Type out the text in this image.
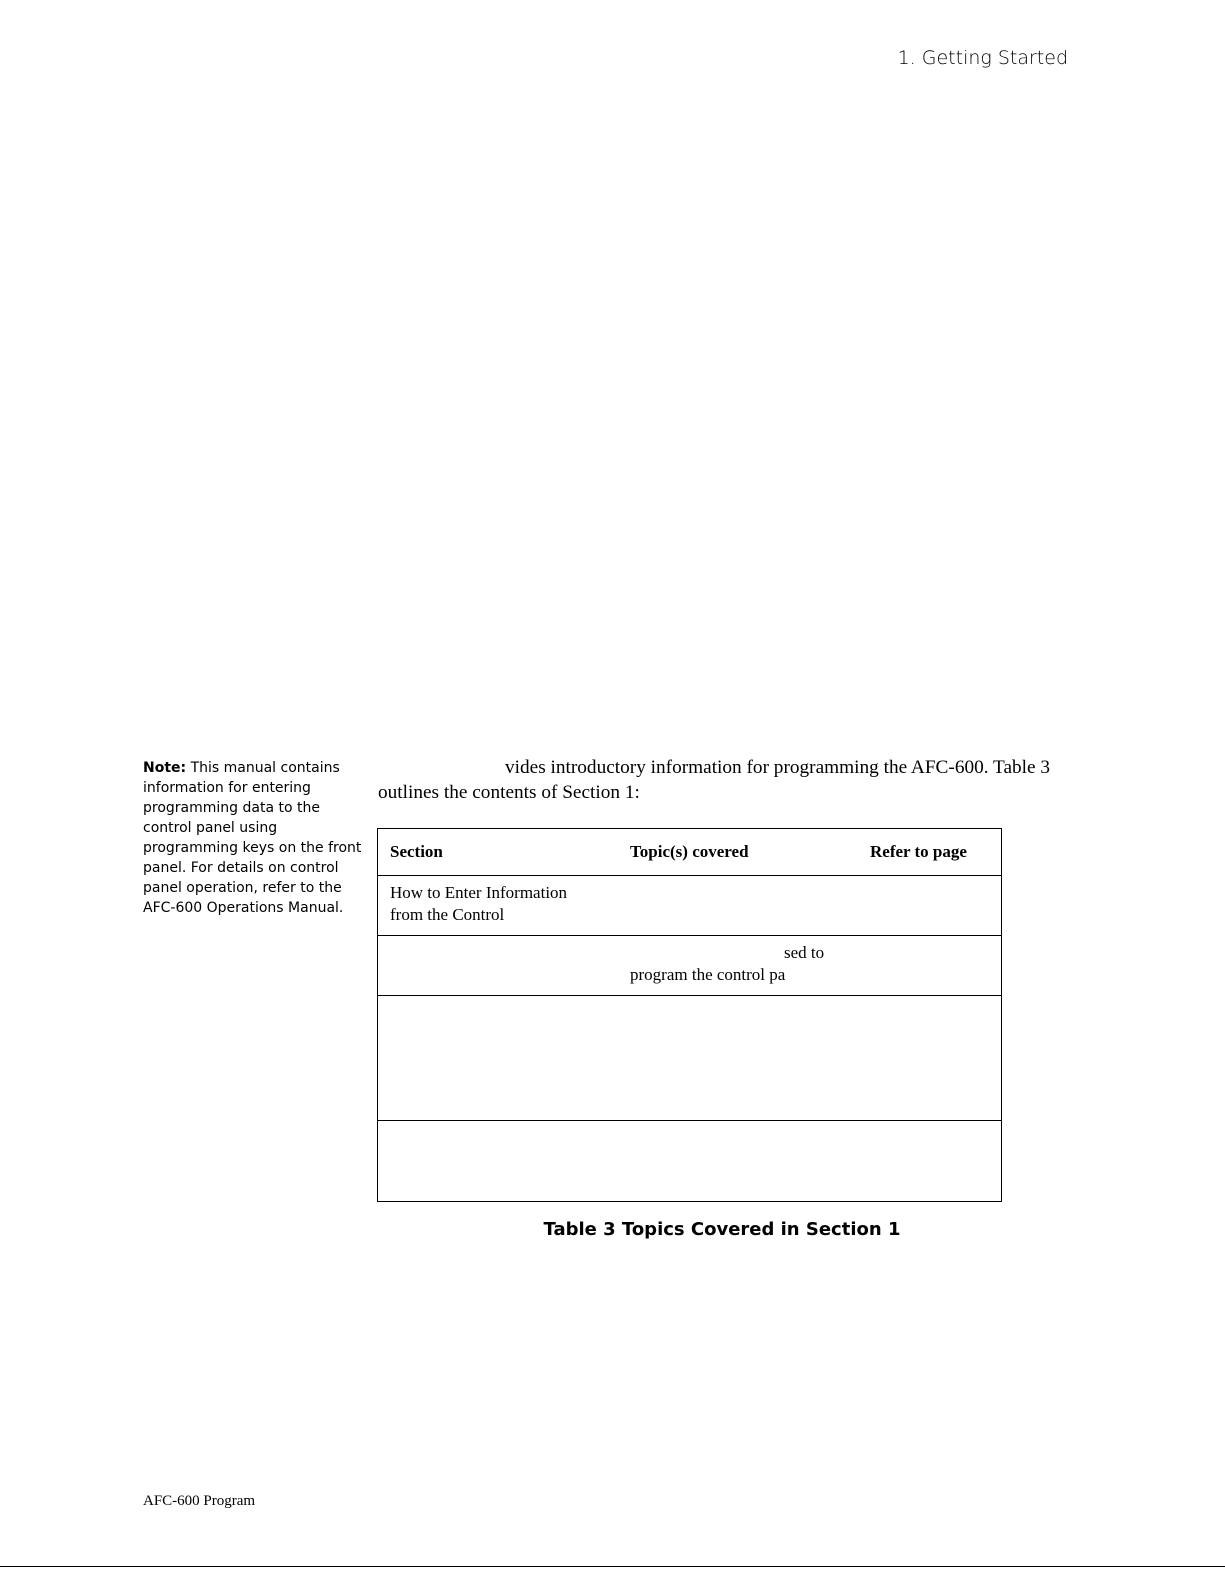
1. Getting Started
Note: This manual contains
information for entering
programming data to the
control panel using
programming keys on the front
panel. For details on control
panel operation, refer to the
AFC-600 Operations Manual.
vides introductory information for programming the AFC-600. Table 3
outlines the contents of Section 1:
Section	Topic(s) covered	Refer to page

How to Enter Information
from the Control		

	sed to
program the control pa	

Table 3 Topics Covered in Section 1
AFC-600 Program
